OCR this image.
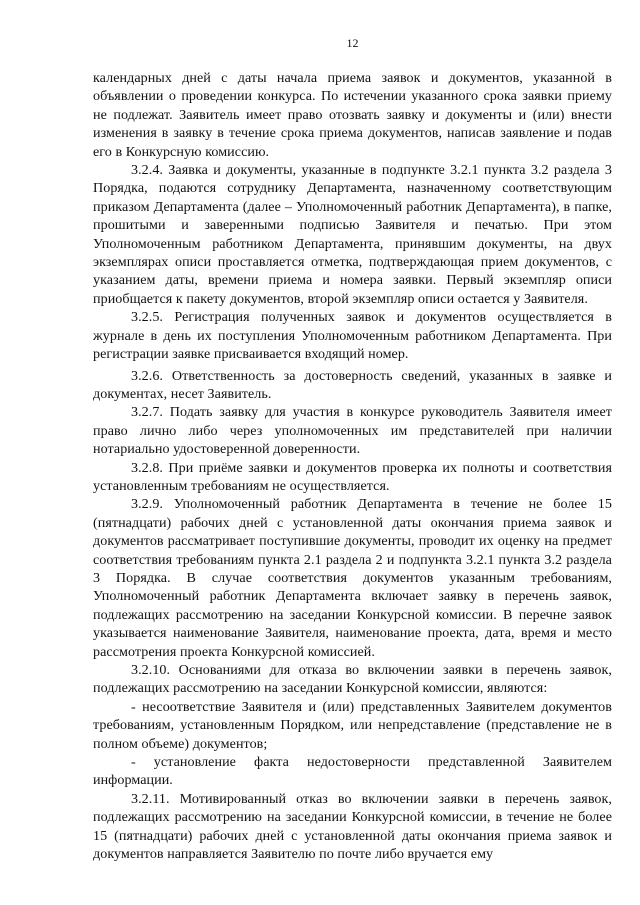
12

календарных дней с даты начала приема заявок и документов, указанной в объявлении о проведении конкурса. По истечении указанного срока заявки приему не подлежат. Заявитель имеет право отозвать заявку и документы и (или) внести изменения в заявку в течение срока приема документов, написав заявление и подав его в Конкурсную комиссию.

3.2.4. Заявка и документы, указанные в подпункте 3.2.1 пункта 3.2 раздела 3 Порядка, подаются сотруднику Департамента, назначенному соответствующим приказом Департамента (далее – Уполномоченный работник Департамента), в папке, прошитыми и заверенными подписью Заявителя и печатью. При этом Уполномоченным работником Департамента, принявшим документы, на двух экземплярах описи проставляется отметка, подтверждающая прием документов, с указанием даты, времени приема и номера заявки. Первый экземпляр описи приобщается к пакету документов, второй экземпляр описи остается у Заявителя.

3.2.5. Регистрация полученных заявок и документов осуществляется в журнале в день их поступления Уполномоченным работником Департамента. При регистрации заявке присваивается входящий номер.

3.2.6. Ответственность за достоверность сведений, указанных в заявке и документах, несет Заявитель.

3.2.7. Подать заявку для участия в конкурсе руководитель Заявителя имеет право лично либо через уполномоченных им представителей при наличии нотариально удостоверенной доверенности.

3.2.8. При приёме заявки и документов проверка их полноты и соответствия установленным требованиям не осуществляется.

3.2.9. Уполномоченный работник Департамента в течение не более 15 (пятнадцати) рабочих дней с установленной даты окончания приема заявок и документов рассматривает поступившие документы, проводит их оценку на предмет соответствия требованиям пункта 2.1 раздела 2 и подпункта 3.2.1 пункта 3.2 раздела 3 Порядка. В случае соответствия документов указанным требованиям, Уполномоченный работник Департамента включает заявку в перечень заявок, подлежащих рассмотрению на заседании Конкурсной комиссии. В перечне заявок указывается наименование Заявителя, наименование проекта, дата, время и место рассмотрения проекта Конкурсной комиссией.

3.2.10. Основаниями для отказа во включении заявки в перечень заявок, подлежащих рассмотрению на заседании Конкурсной комиссии, являются:

- несоответствие Заявителя и (или) представленных Заявителем документов требованиям, установленным Порядком, или непредставление (представление не в полном объеме) документов;

- установление факта недостоверности представленной Заявителем информации.

3.2.11. Мотивированный отказ во включении заявки в перечень заявок, подлежащих рассмотрению на заседании Конкурсной комиссии, в течение не более 15 (пятнадцати) рабочих дней с установленной даты окончания приема заявок и документов направляется Заявителю по почте либо вручается ему
